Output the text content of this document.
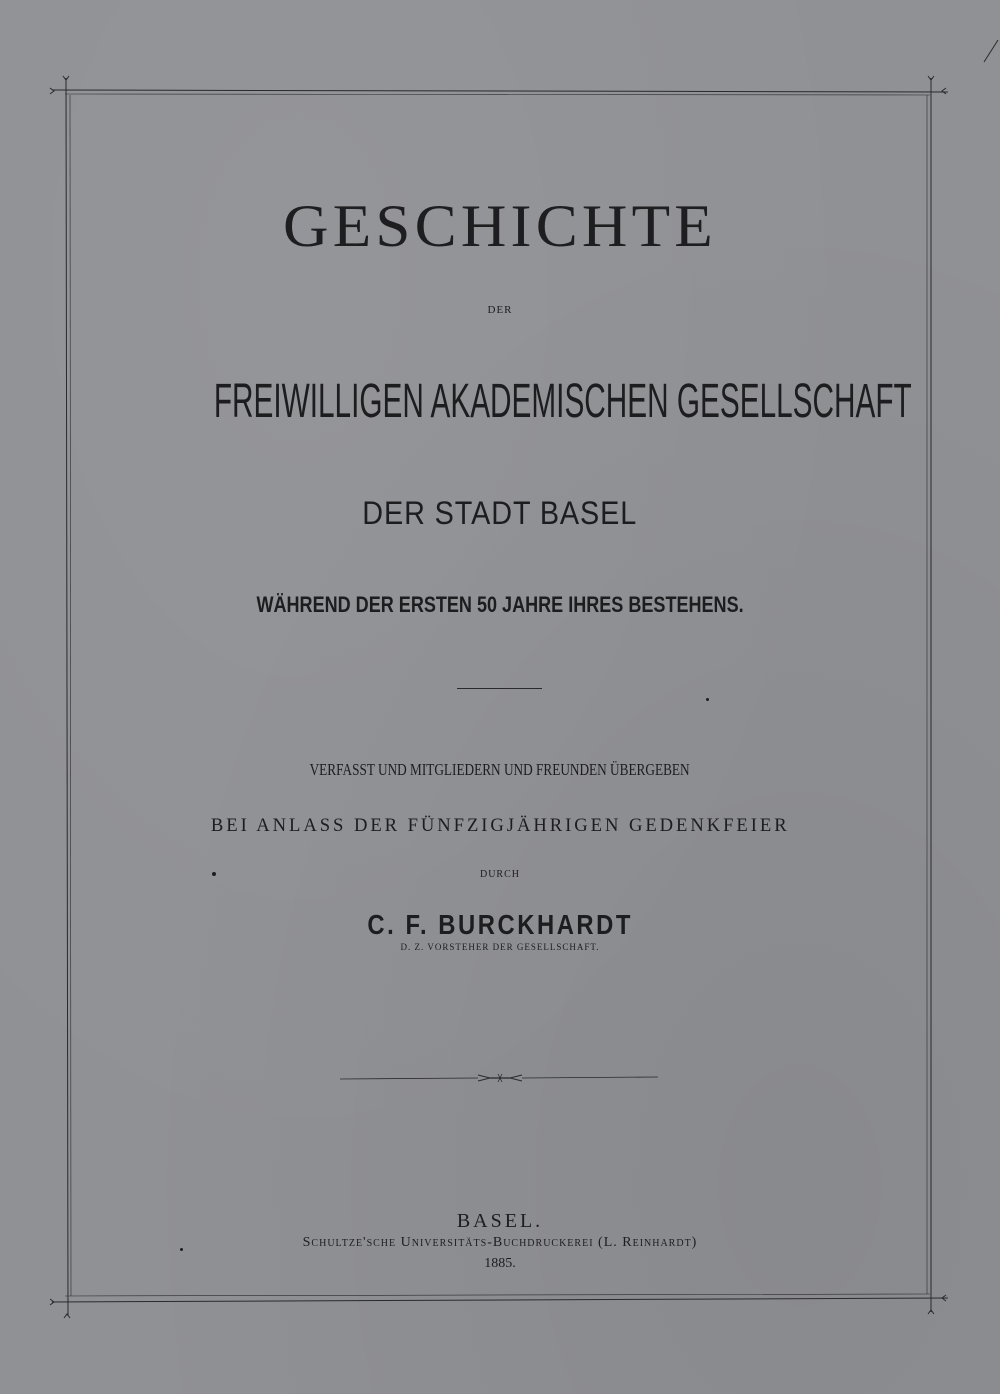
GESCHICHTE
DER
FREIWILLIGEN AKADEMISCHEN GESELLSCHAFT
DER STADT BASEL
WÄHREND DER ERSTEN 50 JAHRE IHRES BESTEHENS.
VERFASST UND MITGLIEDERN UND FREUNDEN ÜBERGEBEN
BEI ANLASS DER FÜNFZIGJÄHRIGEN GEDENKFEIER
DURCH
C. F. BURCKHARDT
D. Z. VORSTEHER DER GESELLSCHAFT.
BASEL.
Schultze'sche Universitäts-Buchdruckerei (L. Reinhardt)
1885.
